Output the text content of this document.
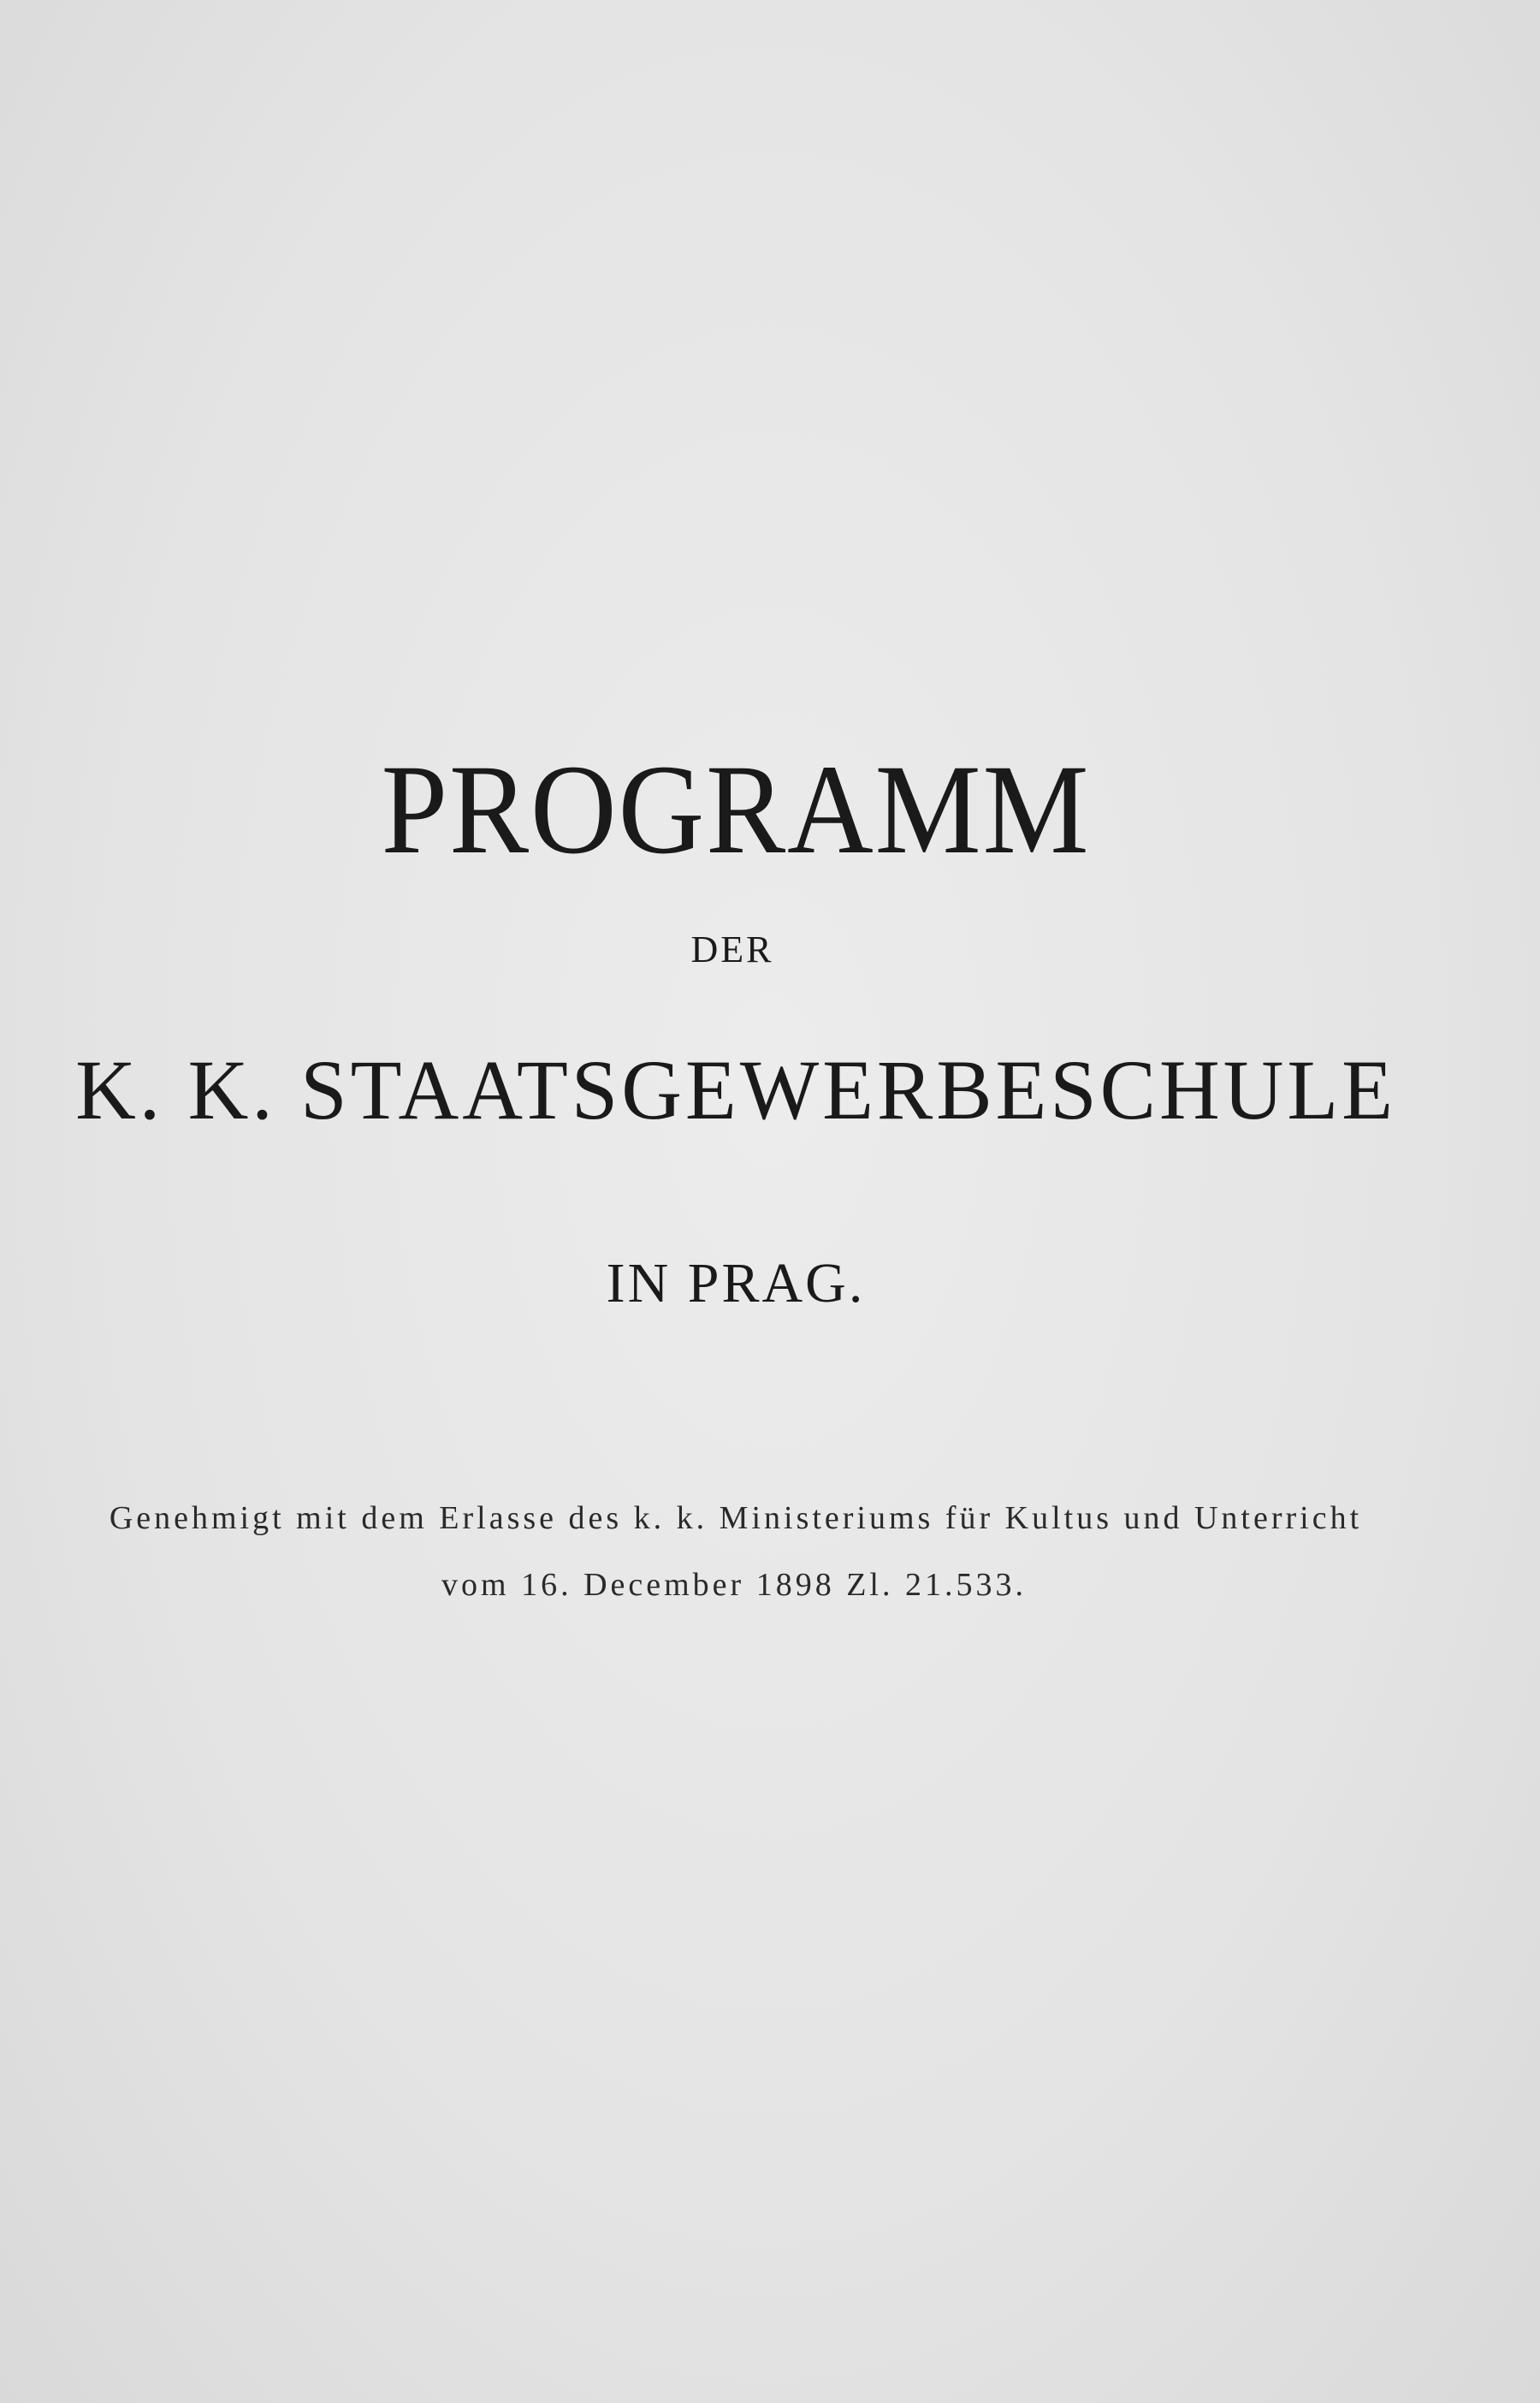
PROGRAMM
DER
K. K. STAATSGEWERBESCHULE
IN PRAG.
Genehmigt mit dem Erlasse des k. k. Ministeriums für Kultus und Unterricht
vom 16. December 1898 Zl. 21.533.
